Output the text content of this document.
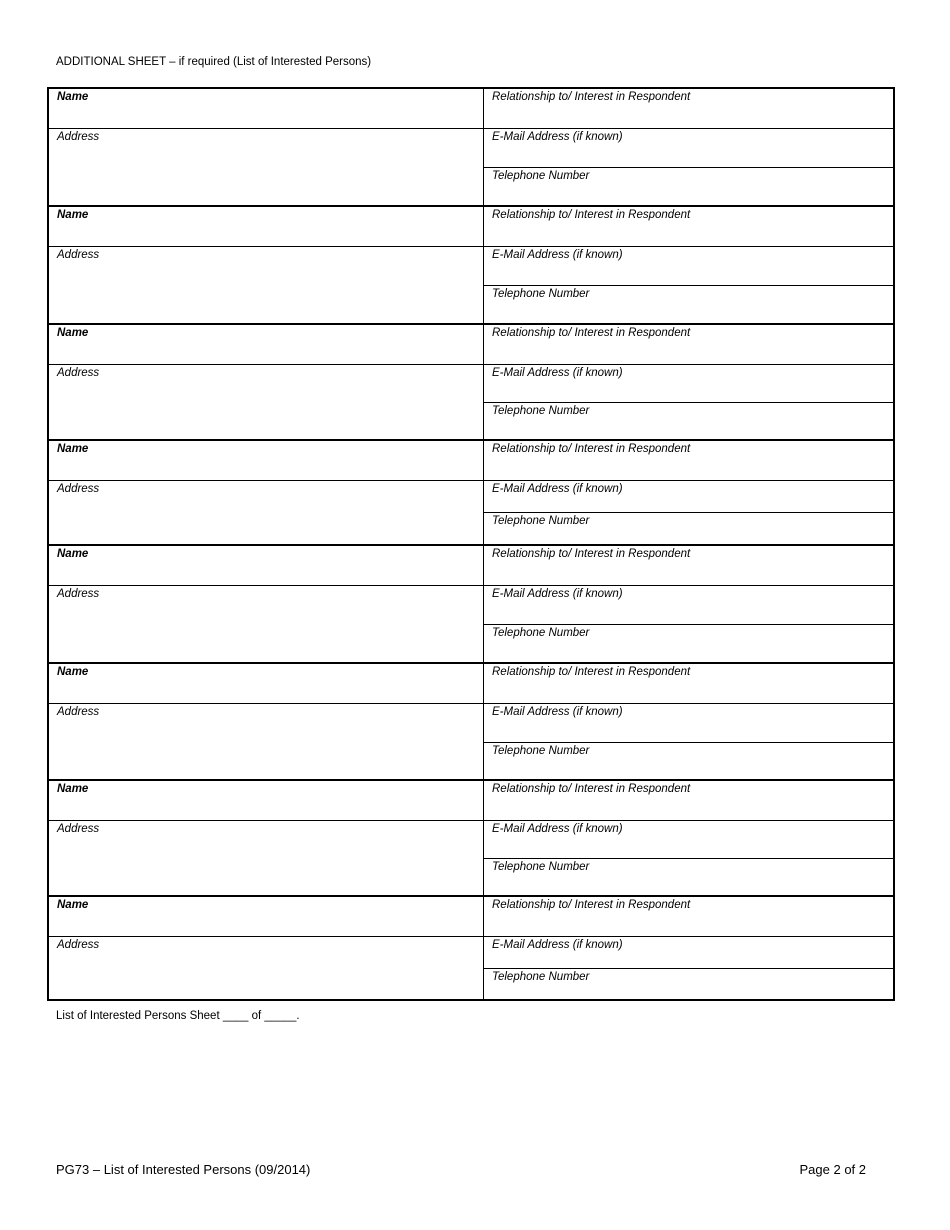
ADDITIONAL SHEET – if required (List of Interested Persons)
Name
Address
Relationship to/ Interest in Respondent
E-Mail Address (if known)
Telephone Number
Name
Address
Relationship to/ Interest in Respondent
E-Mail Address (if known)
Telephone Number
Name
Address
Relationship to/ Interest in Respondent
E-Mail Address (if known)
Telephone Number
Name
Address
Relationship to/ Interest in Respondent
E-Mail Address (if known)
Telephone Number
Name
Address
Relationship to/ Interest in Respondent
E-Mail Address (if known)
Telephone Number
Name
Address
Relationship to/ Interest in Respondent
E-Mail Address (if known)
Telephone Number
Name
Address
Relationship to/ Interest in Respondent
E-Mail Address (if known)
Telephone Number
Name
Address
Relationship to/ Interest in Respondent
E-Mail Address (if known)
Telephone Number
List of Interested Persons Sheet ____ of _____.
PG73 – List of Interested Persons (09/2014)	Page 2 of 2
